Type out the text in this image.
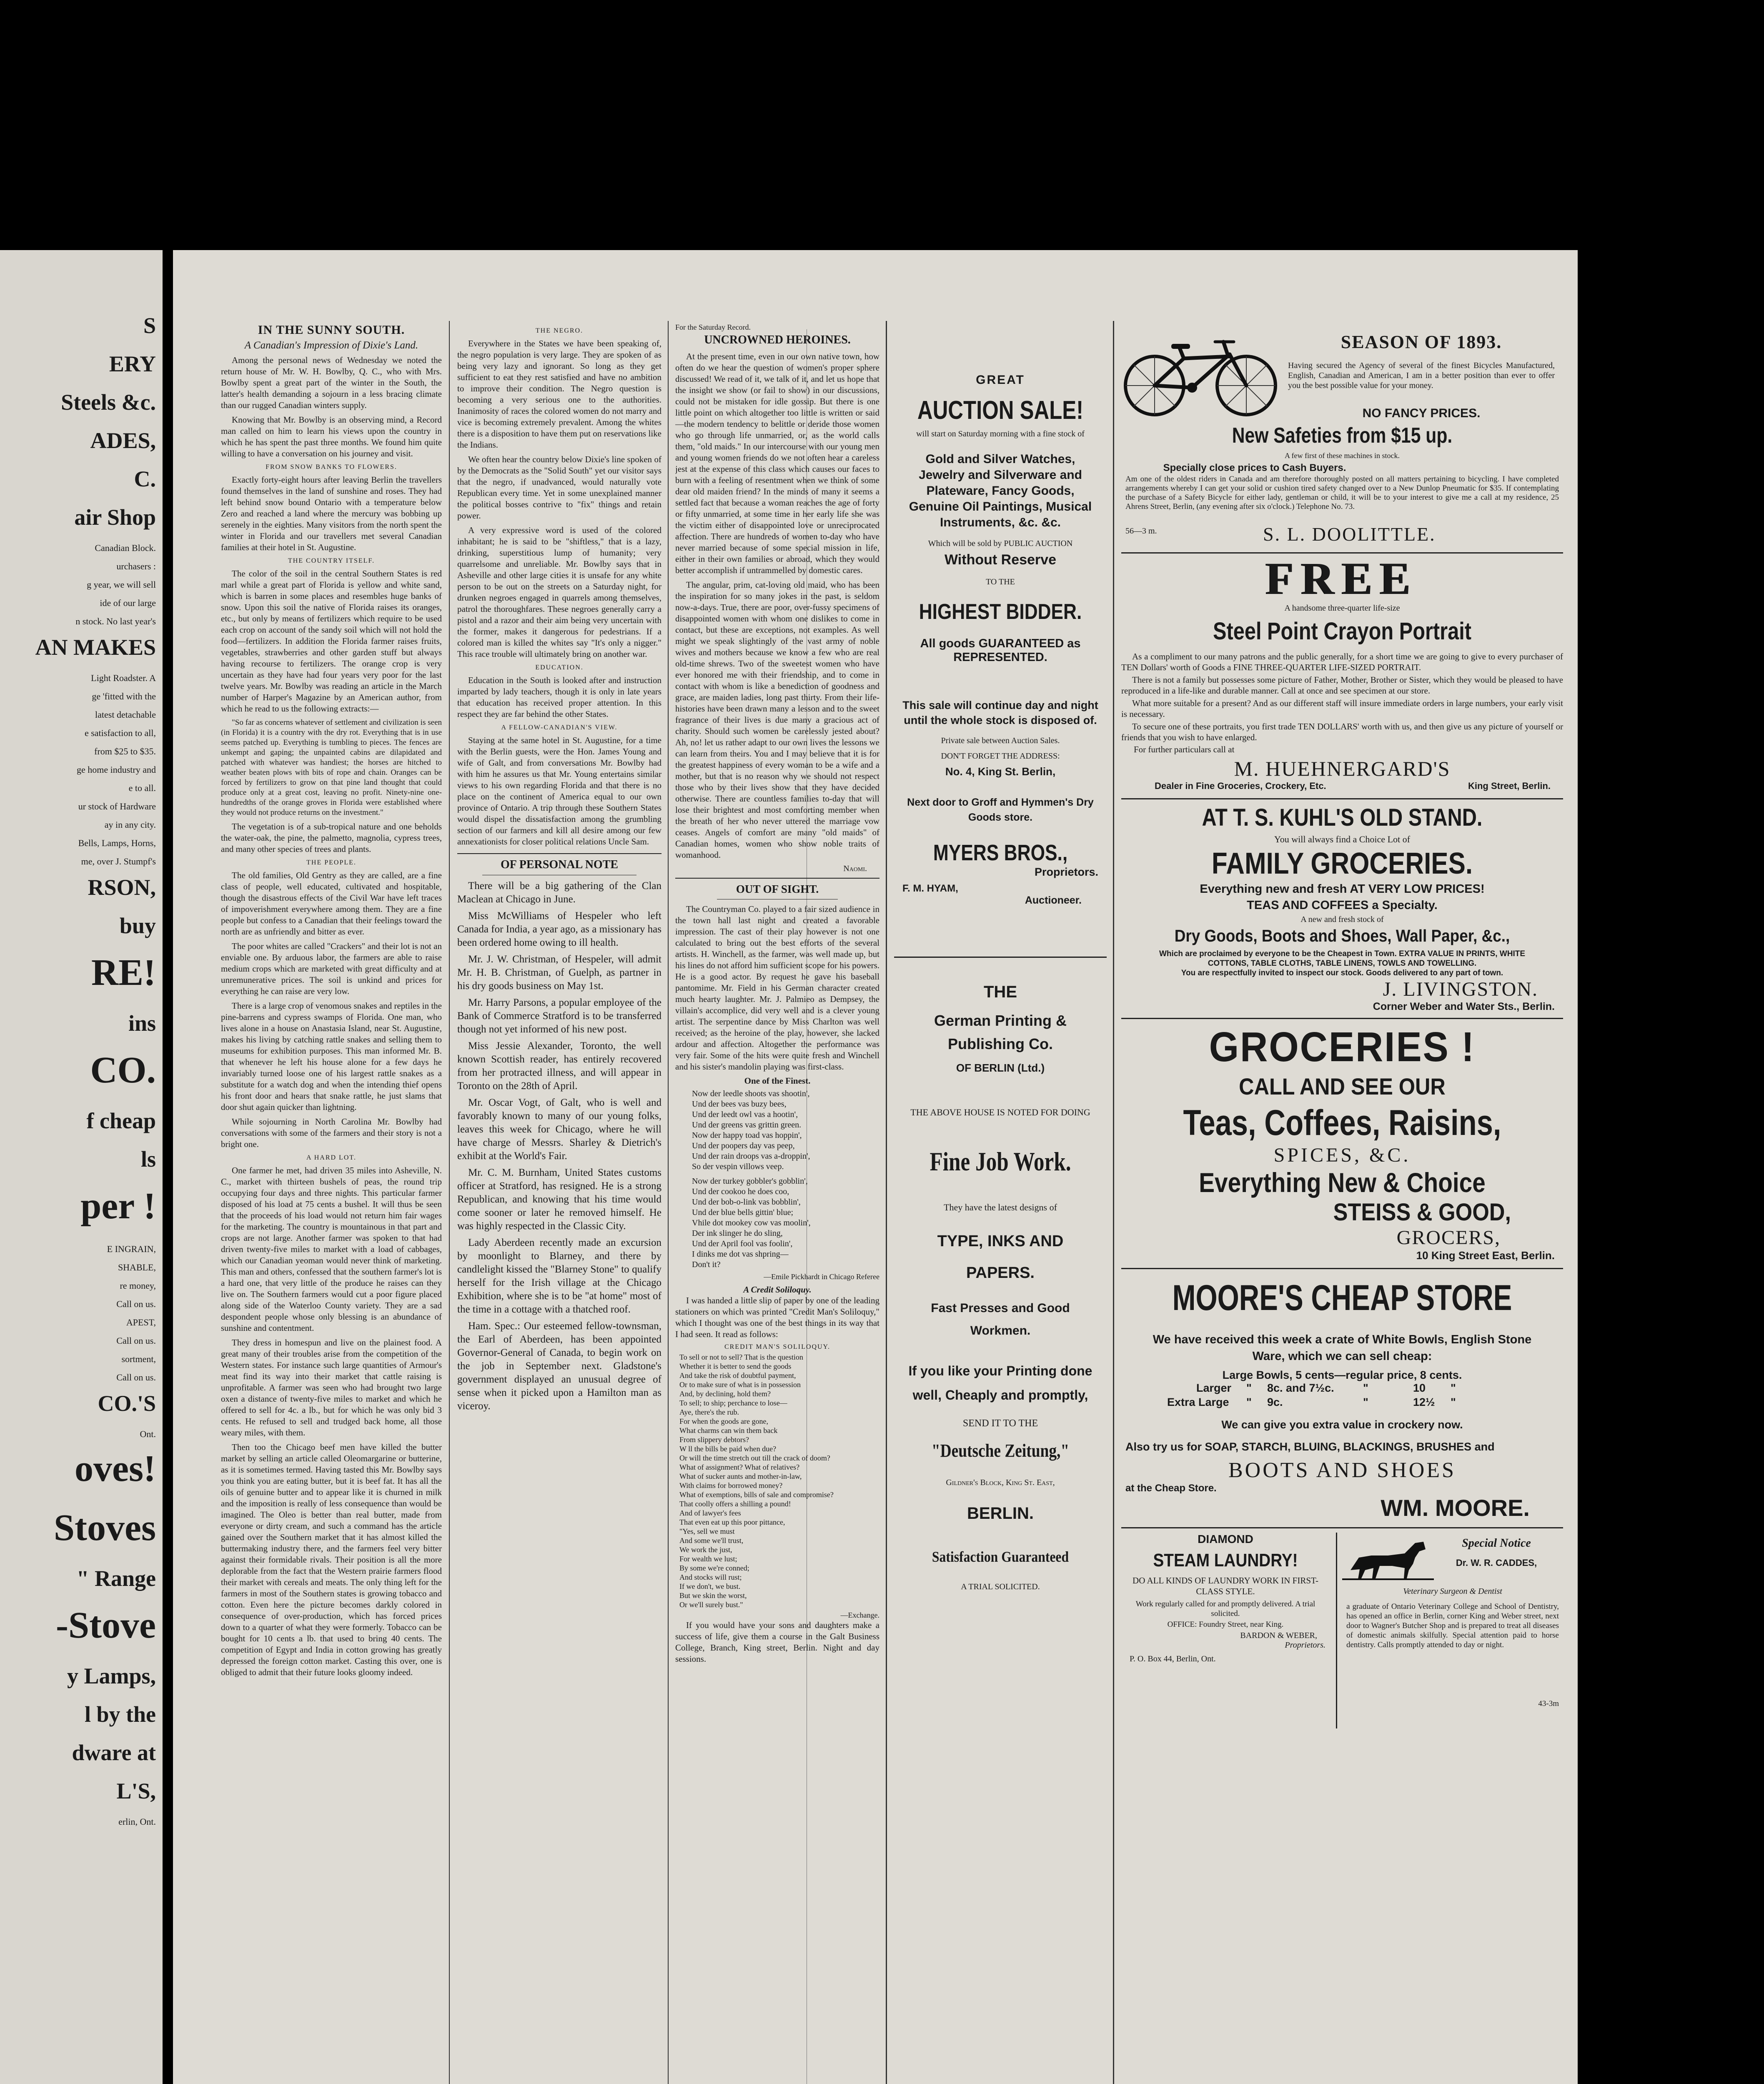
S
ERY
Steels &c.
ADES,
C.
air Shop
Canadian Block.
urchasers :
g year, we will sell
ide of our large
n stock. No last year's
AN MAKES
Light Roadster. A
ge 'fitted with the
latest detachable
e satisfaction to all,
from $25 to $35.
ge home industry and
e to all.
ur stock of Hardware
ay in any city.
Bells, Lamps, Horns,
me, over J. Stumpf's
RSON,
buy
RE!
ins
CO.
f cheap
ls
per !
E INGRAIN,
SHABLE,
re money,
Call on us.
APEST,
Call on us.
sortment,
Call on us.
CO.'S
Ont.
oves!
Stoves
" Range
-Stove
y Lamps,
l by the
dware at
L'S,
erlin, Ont.
IN THE SUNNY SOUTH.
A Canadian's Impression of Dixie's Land.

Among the personal news of Wednesday we noted the return house of Mr. W. H. Bowlby, Q. C., who with Mrs. Bowlby spent a great part of the winter in the South, the latter's health demanding a sojourn in a less bracing climate than our rugged Canadian winters supply.

Knowing that Mr. Bowlby is an observing mind, a Record man called on him to learn his views upon the country in which he has spent the past three months. We found him quite willing to have a conversation on his journey and visit.

FROM SNOW BANKS TO FLOWERS.

Exactly forty-eight hours after leaving Berlin the travellers found themselves in the land of sunshine and roses. They had left behind snow bound Ontario with a temperature below Zero and reached a land where the mercury was bobbing up serenely in the eighties. Many visitors from the north spent the winter in Florida and our travellers met several Canadian families at their hotel in St. Augustine.

THE COUNTRY ITSELF.

The color of the soil in the central Southern States is red marl while a great part of Florida is yellow and white sand, which is barren in some places and resembles huge banks of snow. Upon this soil the native of Florida raises its oranges, etc., but only by means of fertilizers which require to be used each crop on account of the sandy soil which will not hold the food—fertilizers. In addition the Florida farmer raises fruits, vegetables, strawberries and other garden stuff but always having recourse to fertilizers. The orange crop is very uncertain as they have had four years very poor for the last twelve years. Mr. Bowlby was reading an article in the March number of Harper's Magazine by an American author, from which he read to us the following extracts:—

"So far as concerns whatever of settlement and civilization is seen (in Florida) it is a country with the dry rot. Everything that is in use seems patched up. Everything is tumbling to pieces. The fences are unkempt and gaping; the unpainted cabins are dilapidated and patched with whatever was handiest; the horses are hitched to weather beaten plows with bits of rope and chain. Oranges can be forced by fertilizers to grow on that pine land thought that could produce only at a great cost, leaving no profit. Ninety-nine one-hundredths of the orange groves in Florida were established where they would not produce returns on the investment."

The vegetation is of a sub-tropical nature and one beholds the water-oak, the pine, the palmetto, magnolia, cypress trees, and many other species of trees and plants.

THE PEOPLE.

The old families, Old Gentry as they are called, are a fine class of people, well educated, cultivated and hospitable, though the disastrous effects of the Civil War have left traces of impoverishment everywhere among them. They are a fine people but confess to a Canadian that their feelings toward the north are as unfriendly and bitter as ever.

The poor whites are called "Crackers" and their lot is not an enviable one. By arduous labor, the farmers are able to raise medium crops which are marketed with great difficulty and at unremunerative prices. The soil is unkind and prices for everything he can raise are very low.

There is a large crop of venomous snakes and reptiles in the pine-barrens and cypress swamps of Florida. One man, who lives alone in a house on Anastasia Island, near St. Augustine, makes his living by catching rattle snakes and selling them to museums for exhibition purposes. This man informed Mr. B. that whenever he left his house alone for a few days he invariably turned loose one of his largest rattle snakes as a substitute for a watch dog and when the intending thief opens his front door and hears that snake rattle, he just slams that door shut again quicker than lightning.

While sojourning in North Carolina Mr. Bowlby had conversations with some of the farmers and their story is not a bright one.

A HARD LOT.

One farmer he met, had driven 35 miles into Asheville, N. C., market with thirteen bushels of peas, the round trip occupying four days and three nights. This particular farmer disposed of his load at 75 cents a bushel. It will thus be seen that the proceeds of his load would not return him fair wages for the marketing. The country is mountainous in that part and crops are not large. Another farmer was spoken to that had driven twenty-five miles to market with a load of cabbages, which our Canadian yeoman would never think of marketing. This man and others, confessed that the southern farmer's lot is a hard one, that very little of the produce he raises can they live on. The Southern farmers would cut a poor figure placed along side of the Waterloo County variety. They are a sad despondent people whose only blessing is an abundance of sunshine and contentment.

They dress in homespun and live on the plainest food. A great many of their troubles arise from the competition of the Western states. For instance such large quantities of Armour's meat find its way into their market that cattle raising is unprofitable. A farmer was seen who had brought two large oxen a distance of twenty-five miles to market and which he offered to sell for 4c. a lb., but for which he was only bid 3 cents. He refused to sell and trudged back home, all those weary miles, with them.

Then too the Chicago beef men have killed the butter market by selling an article called Oleomargarine or butterine, as it is sometimes termed. Having tasted this Mr. Bowlby says you think you are eating butter, but it is beef fat. It has all the oils of genuine butter and to appear like it is churned in milk and the imposition is really of less consequence than would be imagined. The Oleo is better than real butter, made from everyone or dirty cream, and such a command has the article gained over the Southern market that it has almost killed the buttermaking industry there, and the farmers feel very bitter against their formidable rivals. Their position is all the more deplorable from the fact that the Western prairie farmers flood their market with cereals and meats. The only thing left for the farmers in most of the Southern states is growing tobacco and cotton. Even here the picture becomes darkly colored in consequence of over-production, which has forced prices down to a quarter of what they were formerly. Tobacco can be bought for 10 cents a lb. that used to bring 40 cents. The competition of Egypt and India in cotton growing has greatly depressed the foreign cotton market. Casting this over, one is obliged to admit that their future looks gloomy indeed.

THE NEGRO.

Everywhere in the States we have been speaking of, the negro population is very large. They are spoken of as being very lazy and ignorant. So long as they get sufficient to eat they rest satisfied and have no ambition to improve their condition. The Negro question is becoming a very serious one to the authorities. Inanimosity of races the colored women do not marry and vice is becoming extremely prevalent. Among the whites there is a disposition to have them put on reservations like the Indians.

We often hear the country below Dixie's line spoken of by the Democrats as the "Solid South" yet our visitor says that the negro, if unadvanced, would naturally vote Republican every time. Yet in some unexplained manner the political bosses contrive to "fix" things and retain power.

A very expressive word is used of the colored inhabitant; he is said to be "shiftless," that is a lazy, drinking, superstitious lump of humanity; very quarrelsome and unreliable. Mr. Bowlby says that in Asheville and other large cities it is unsafe for any white person to be out on the streets on a Saturday night, for drunken negroes engaged in quarrels among themselves, patrol the thoroughfares. These negroes generally carry a pistol and a razor and their aim being very uncertain with the former, makes it dangerous for pedestrians. If a colored man is killed the whites say "It's only a nigger." This race trouble will ultimately bring on another war.

EDUCATION.

Education in the South is looked after and instruction imparted by lady teachers, though it is only in late years that education has received proper attention. In this respect they are far behind the other States.

A FELLOW-CANADIAN'S VIEW.

Staying at the same hotel in St. Augustine, for a time with the Berlin guests, were the Hon. James Young and wife of Galt, and from conversations Mr. Bowlby had with him he assures us that Mr. Young entertains similar views to his own regarding Florida and that there is no place on the continent of America equal to our own province of Ontario. A trip through these Southern States would dispel the dissatisfaction among the grumbling section of our farmers and kill all desire among our few annexationists for closer political relations Uncle Sam.

OF PERSONAL NOTE

There will be a big gathering of the Clan Maclean at Chicago in June.

Miss McWilliams of Hespeler who left Canada for India, a year ago, as a missionary has been ordered home owing to ill health.

Mr. J. W. Christman, of Hespeler, will admit Mr. H. B. Christman, of Guelph, as partner in his dry goods business on May 1st.

Mr. Harry Parsons, a popular employee of the Bank of Commerce Stratford is to be transferred though not yet informed of his new post.

Miss Jessie Alexander, Toronto, the well known Scottish reader, has entirely recovered from her protracted illness, and will appear in Toronto on the 28th of April.

Mr. Oscar Vogt, of Galt, who is well and favorably known to many of our young folks, leaves this week for Chicago, where he will have charge of Messrs. Sharley & Dietrich's exhibit at the World's Fair.

Mr. C. M. Burnham, United States customs officer at Stratford, has resigned. He is a strong Republican, and knowing that his time would come sooner or later he removed himself. He was highly respected in the Classic City.

Lady Aberdeen recently made an excursion by moonlight to Blarney, and there by candlelight kissed the "Blarney Stone" to qualify herself for the Irish village at the Chicago Exhibition, where she is to be "at home" most of the time in a cottage with a thatched roof.

Ham. Spec.: Our esteemed fellow-townsman, the Earl of Aberdeen, has been appointed Governor-General of Canada, to begin work on the job in September next. Gladstone's government displayed an unusual degree of sense when it picked upon a Hamilton man as viceroy.

For the Saturday Record.
UNCROWNED HEROINES.

At the present time, even in our own native town, how often do we hear the question of women's proper sphere discussed! We read of it, we talk of it, and let us hope that the insight we show (or fail to show) in our discussions, could not be mistaken for idle gossip. But there is one little point on which altogether too little is written or said—the modern tendency to belittle or deride those women who go through life unmarried, or, as the world calls them, "old maids." In our intercourse with our young men and young women friends do we not often hear a careless jest at the expense of this class which causes our faces to burn with a feeling of resentment when we think of some dear old maiden friend? In the minds of many it seems a settled fact that because a woman reaches the age of forty or fifty unmarried, at some time in her early life she was the victim either of disappointed love or unreciprocated affection. There are hundreds of women to-day who have never married because of some special mission in life, either in their own families or abroad, which they would better accomplish if untrammelled by domestic cares.

The angular, prim, cat-loving old maid, who has been the inspiration for so many jokes in the past, is seldom now-a-days. True, there are poor, over-fussy specimens of disappointed women with whom one dislikes to come in contact, but these are exceptions, not examples. As well might we speak slightingly of the vast army of noble wives and mothers because we know a few who are real old-time shrews. Two of the sweetest women who have ever honored me with their friendship, and to come in contact with whom is like a benediction of goodness and grace, are maiden ladies, long past thirty. From their life-histories have been drawn many a lesson and to the sweet fragrance of their lives is due many a gracious act of charity. Should such women be carelessly jested about? Ah, no! let us rather adapt to our own lives the lessons we can learn from theirs. You and I may believe that it is for the greatest happiness of every woman to be a wife and a mother, but that is no reason why we should not respect those who by their lives show that they have decided otherwise. There are countless families to-day that will lose their brightest and most comforting member when the breath of her who never uttered the marriage vow ceases. Angels of comfort are many "old maids" of Canadian homes, women who show noble traits of womanhood.

Naomi.
OUT OF SIGHT.

The Countryman Co. played to a fair sized audience in the town hall last night and created a favorable impression. The cast of their play however is not one calculated to bring out the best efforts of the several artists. H. Winchell, as the farmer, was well made up, but his lines do not afford him sufficient scope for his powers. He is a good actor. By request he gave his baseball pantomime. Mr. Field in his German character created much hearty laughter. Mr. J. Palmieo as Dempsey, the villain's accomplice, did very well and is a clever young artist. The serpentine dance by Miss Charlton was well received; as the heroine of the play, however, she lacked ardour and affection. Altogether the performance was very fair. Some of the hits were quite fresh and Winchell and his sister's mandolin playing was first-class.

One of the Finest.
Now der leedle shoots vas shootin',
Und der bees vas buzy bees,
Und der leedt owl vas a hootin',
Und der greens vas grittin green.
Now der happy toad vas hoppin',
Und der poopers day vas peep,
Und der rain droops vas a-droppin',
So der vespin villows veep.
Now der turkey gobbler's gobblin',
Und der cookoo he does coo,
Und der bob-o-link vas bobblin',
Und der blue bells gittin' blue;
Vhile dot mookey cow vas moolin',
Der ink slinger he do sling,
Und der April fool vas foolin',
I dinks me dot vas shpring—
Don't it?
—Emile Pickhardt in Chicago Referee
A Credit Soliloquy.

I was handed a little slip of paper by one of the leading stationers on which was printed "Credit Man's Soliloquy," which I thought was one of the best things in its way that I had seen. It read as follows:

CREDIT MAN'S SOLILOQUY.
To sell or not to sell? That is the question
Whether it is better to send the goods
And take the risk of doubtful payment,
Or to make sure of what is in possession
And, by declining, hold them?
To sell; to ship; perchance to lose—
Aye, there's the rub.
For when the goods are gone,
What charms can win them back
From slippery debtors?
W ll the bills be paid when due?
Or will the time stretch out till the crack of doom?
What of assignment? What of relatives?
What of sucker aunts and mother-in-law,
With claims for borrowed money?
What of exemptions, bills of sale and compromise?
That coolly offers a shilling a pound!
And of lawyer's fees
That even eat up this poor pittance,
"Yes, sell we must
And some we'll trust,
We work the just,
For wealth we lust;
By some we're conned;
And stocks will rust;
If we don't, we bust.
But we skin the worst,
Or we'll surely bust."
—Exchange.

If you would have your sons and daughters make a success of life, give them a course in the Galt Business College, Branch, King street, Berlin. Night and day sessions.

GREAT
AUCTION SALE!
will start on Saturday morning with a fine stock of
Gold and Silver Watches, Jewelry and Silverware and Plateware, Fancy Goods, Genuine Oil Paintings, Musical Instruments, &c. &c.
Which will be sold by PUBLIC AUCTION
Without Reserve
TO THE
HIGHEST BIDDER.
All goods GUARANTEED as REPRESENTED.
This sale will continue day and night until the whole stock is disposed of.
Private sale between Auction Sales.
DON'T FORGET THE ADDRESS:
No. 4, King St. Berlin,
Next door to Groff and Hymmen's Dry Goods store.
MYERS BROS.,
Proprietors.
F. M. HYAM,
Auctioneer.
THE
German Printing & Publishing Co.
OF BERLIN (Ltd.)
THE ABOVE HOUSE IS NOTED FOR DOING
Fine Job Work.
They have the latest designs of
TYPE, INKS AND PAPERS.
Fast Presses and Good Workmen.
If you like your Printing done well, Cheaply and promptly,
SEND IT TO THE
"Deutsche Zeitung,"
Gildner's Block, King St. East,
BERLIN.
Satisfaction Guaranteed
A TRIAL SOLICITED.
SEASON OF 1893.
Having secured the Agency of several of the finest Bicycles Manufactured, English, Canadian and American, I am in a better position than ever to offer you the best possible value for your money.
NO FANCY PRICES.
New Safeties from $15 up.
A few first of these machines in stock.
Specially close prices to Cash Buyers.
Am one of the oldest riders in Canada and am therefore thoroughly posted on all matters pertaining to bicycling. I have completed arrangements whereby I can get your solid or cushion tired safety changed over to a New Dunlop Pneumatic for $35. If contemplating the purchase of a Safety Bicycle for either lady, gentleman or child, it will be to your interest to give me a call at my residence, 25 Ahrens Street, Berlin, (any evening after six o'clock.) Telephone No. 73.
56—3 m.	S. L. DOOLITTLE.
FREE
A handsome three-quarter life-size
Steel Point Crayon Portrait

As a compliment to our many patrons and the public generally, for a short time we are going to give to every purchaser of TEN Dollars' worth of Goods a FINE THREE-QUARTER LIFE-SIZED PORTRAIT.

There is not a family but possesses some picture of Father, Mother, Brother or Sister, which they would be pleased to have reproduced in a life-like and durable manner. Call at once and see specimen at our store.

What more suitable for a present? And as our different staff will insure immediate orders in large numbers, your early visit is necessary.

To secure one of these portraits, you first trade TEN DOLLARS' worth with us, and then give us any picture of yourself or friends that you wish to have enlarged.

For further particulars call at
M. HUEHNERGARD'S
Dealer in Fine Groceries, Crockery, Etc.	King Street, Berlin.
AT T. S. KUHL'S OLD STAND.
You will always find a Choice Lot of
FAMILY GROCERIES.
Everything new and fresh AT VERY LOW PRICES!
TEAS AND COFFEES a Specialty.
A new and fresh stock of
Dry Goods, Boots and Shoes, Wall Paper, &c.,
Which are proclaimed by everyone to be the Cheapest in Town. EXTRA VALUE IN PRINTS, WHITE COTTONS, TABLE CLOTHS, TABLE LINENS, TOWLS AND TOWELLING.
You are respectfully invited to inspect our stock. Goods delivered to any part of town.
J. LIVINGSTON.
Corner Weber and Water Sts., Berlin.
GROCERIES !
CALL AND SEE OUR
Teas, Coffees, Raisins,
SPICES, &C.
Everything New & Choice
STEISS & GOOD,
GROCERS,
10 King Street East, Berlin.
MOORE'S CHEAP STORE
We have received this week a crate of White Bowls, English Stone Ware, which we can sell cheap:
Large Bowls, 5 cents—regular price, 8 cents.
Larger " 8c. and 7½c.	"	10 "
Extra Large " 9c.	"	12½ "
We can give you extra value in crockery now.
Also try us for SOAP, STARCH, BLUING, BLACKINGS, BRUSHES and
BOOTS AND SHOES
at the Cheap Store.
WM. MOORE.
DIAMOND
STEAM LAUNDRY!
DO ALL KINDS OF LAUNDRY WORK IN FIRST-CLASS STYLE.
Work regularly called for and promptly delivered. A trial solicited.
OFFICE: Foundry Street, near King.
BARDON & WEBER,
Proprietors.
P. O. Box 44, Berlin, Ont.
Special Notice
Dr. W. R. CADDES,
Veterinary Surgeon & Dentist
a graduate of Ontario Veterinary College and School of Dentistry, has opened an office in Berlin, corner King and Weber street, next door to Wagner's Butcher Shop and is prepared to treat all diseases of domestic animals skilfully. Special attention paid to horse dentistry. Calls promptly attended to day or night.
43-3m
